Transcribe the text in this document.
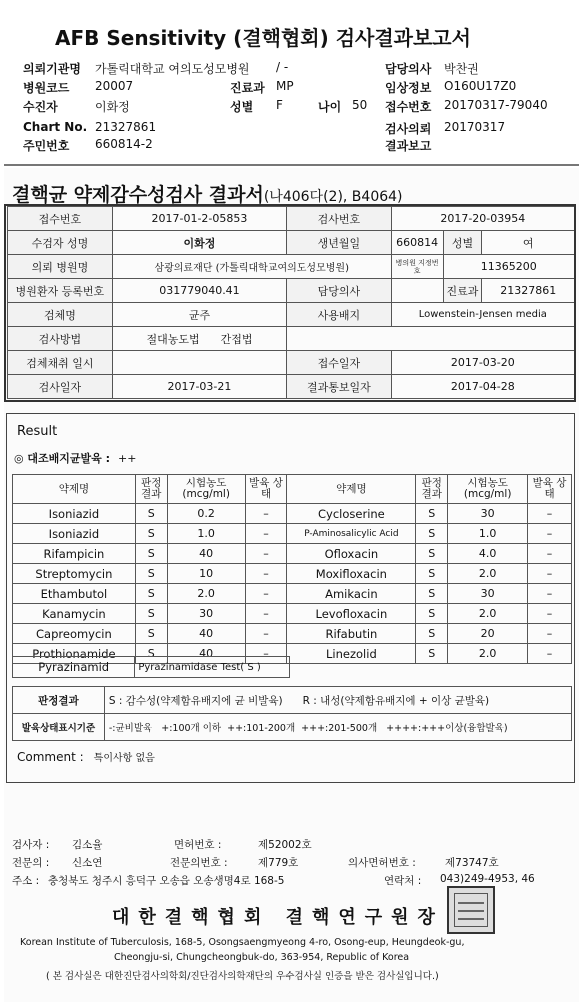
AFB Sensitivity (결핵협회) 검사결과보고서
의뢰기관명 가톨릭대학교 여의도성모병원 / -	담당의사 박찬권
병원코드 20007	진료과 MP	임상정보 O160U17Z0
수진자	이화정	성별 F	나이 50 접수번호 20170317-79040
Chart No. 21327861	검사의뢰 20170317
주민번호 660814-2	결과보고
결핵균 약제감수성검사 결과서(나406다(2), B4064)
접수번호	2017-01-2-05853	검사번호	2017-20-03954		
수검자 성명	이화정	생년월일	660814	성별	여
의뢰 병원명	삼광의료재단 (가톨릭대학교여의도성모병원)		병의원 지정번호	11365200	
병원환자 등록번호	031779040.41	담당의사		진료과	21327861
검체명	균주	사용배지	Lowenstein-Jensen media		
검사방법	절대농도법 간접법				
검체채취 일시		접수일자	2017-03-20		
검사일자	2017-03-21	결과통보일자	2017-04-28		
Result
◎ 대조배지균발육 : ++
약제명	판정 결과	시험농도 (mcg/ml)	발육 상태	약제명	판정 결과	시험농도 (mcg/ml)	발육 상태
Isoniazid	S	0.2	–	Cycloserine	S	30	–
Isoniazid	S	1.0	–	P-Aminosalicylic Acid	S	1.0	–
Rifampicin	S	40	–	Ofloxacin	S	4.0	–
Streptomycin	S	10	–	Moxifloxacin	S	2.0	–
Ethambutol	S	2.0	–	Amikacin	S	30	–
Kanamycin	S	30	–	Levofloxacin	S	2.0	–
Capreomycin	S	40	–	Rifabutin	S	20	–
Prothionamide	S	40	–	Linezolid	S	2.0	–
Pyrazinamid	Pyrazinamidase Test( S )
판정결과	S : 감수성(약제함유배지에 균 비발육) R : 내성(약제함유배지에 + 이상 균발육)
발육상태표시기준	-:균비발육   +:100개 이하  ++:101-200개  +++:201-500개   ++++:+++이상(융합발육)
Comment : 특이사항 없음
검사자 : 김소율	면허번호 :	제52002호
전문의 : 신소연	전문의번호 :	제779호	의사면허번호 :	제73747호
주소 : 충청북도 청주시 흥덕구 오송읍 오송생명4로 168-5	연락처 : 043)249-4953, 46
대한결핵협회 결핵연구원장
Korean Institute of Tuberculosis, 168-5, Osongsaengmyeong 4-ro, Osong-eup, Heungdeok-gu,
Cheongju-si, Chungcheongbuk-do, 363-954, Republic of Korea
( 본 검사실은 대한진단검사의학회/진단검사의학재단의 우수검사실 인증을 받은 검사실입니다.)
